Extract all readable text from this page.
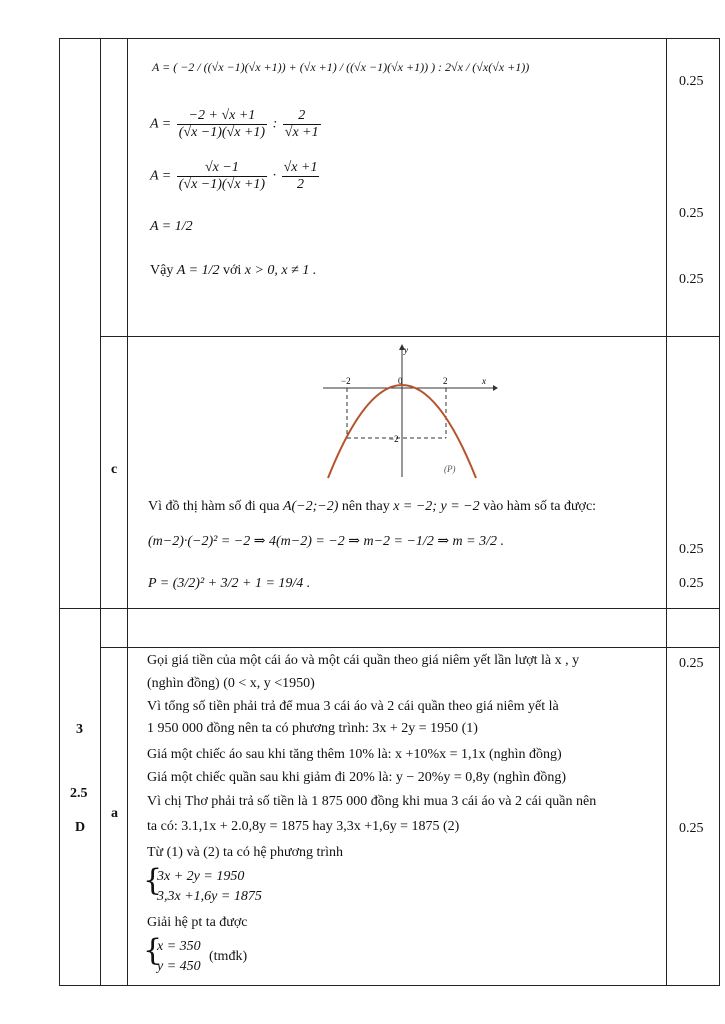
A = ( −2 / ((√x −1)(√x +1)) + (√x +1) / ((√x −1)(√x +1)) ) : 2√x / (√x(√x +1))
$A = \frac{-2 + √x +1}{(√x -1)(√x +1)}$ : $\frac{2}{√x +1}$
$A = \frac{√x -1}{(√x -1)(√x +1)} \cdot \frac{√x +1}{2}$
A = 1/2
Vậy A = 1/2 với x > 0, x ≠ 1 .
0.25
0.25
0.25
0.25
0.25
0.25
0.25
c
y
x
−2	0	2
−2
(P)
Vì đồ thị hàm số đi qua A(−2;−2) nên thay x = −2; y = −2 vào hàm số ta được:
(m−2)·(−2)² = −2 ⇒ 4(m−2) = −2 ⇒ m−2 = −1/2 ⇒ m = 3/2 .
P = (3/2)² + 3/2 + 1 = 19/4 .
3
2.5
D
a
Gọi giá tiền của một cái áo và một cái quần theo giá niêm yết lần lượt là x , y
(nghìn đồng) (0 < x, y <1950)
Vì tổng số tiền phải trả để mua 3 cái áo và 2 cái quần theo giá niêm yết là
1 950 000 đồng nên ta có phương trình: 3x + 2y = 1950 (1)
Giá một chiếc áo sau khi tăng thêm 10% là: x +10%x = 1,1x (nghìn đồng)
Giá một chiếc quần sau khi giảm đi 20% là: y − 20%y = 0,8y (nghìn đồng)
Vì chị Thơ phải trả số tiền là 1 875 000 đồng khi mua 3 cái áo và 2 cái quần nên
ta có: 3.1,1x + 2.0,8y = 1875 hay 3,3x +1,6y = 1875 (2)
Từ (1) và (2) ta có hệ phương trình
{
3x + 2y = 1950
3,3x +1,6y = 1875
Giải hệ pt ta được
{
x = 350
y = 450
(tmđk)
